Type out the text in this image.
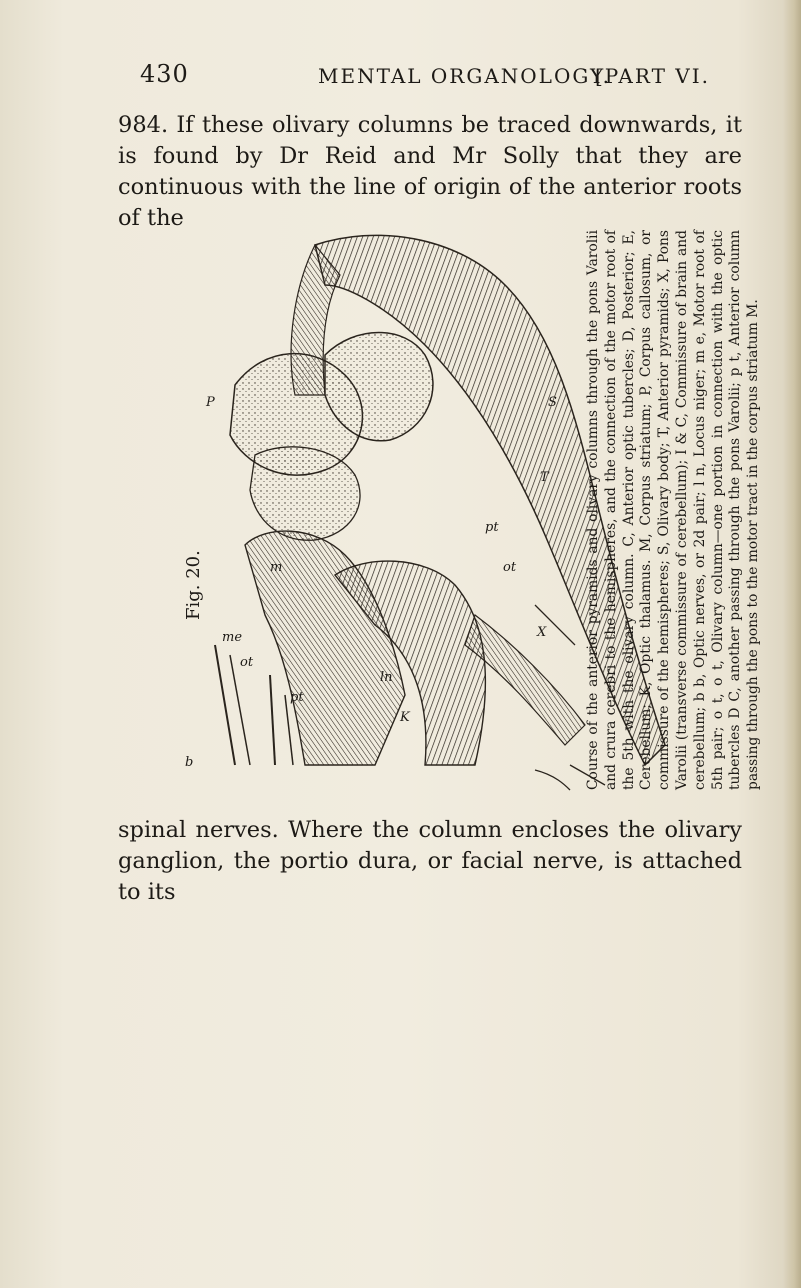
430	MENTAL ORGANOLOGY.
[PART VI.
984. If these olivary columns be traced downwards, it is found by Dr Reid and Mr Solly that they are continuous with the line of origin of the anterior roots of the
Fig. 20.
P
m
S
T
K
X
me
ot
pt
ln
ot
pt
b	Course of the anterior pyramids and olivary columns through the pons Varolii and crura cerebri to the hemispheres, and the connection of the motor root of the 5th with the olivary column. C, Anterior optic tubercles; D, Posterior; E, Cerebellum; K, Optic thalamus. M, Corpus striatum; P, Corpus callosum, or commissure of the hemispheres; S, Olivary body; T, Anterior pyramids; X, Pons Varolii (transverse commissure of cerebellum); I & C, Commissure of brain and cerebellum; b b, Optic nerves, or 2d pair; l n, Locus niger; m e, Motor root of 5th pair; o t, o t, Olivary column—one portion in connection with the optic tubercles D C, another passing through the pons Varolii; p t, Anterior column passing through the pons to the motor tract in the corpus striatum M.
spinal nerves. Where the column encloses the olivary ganglion, the portio dura, or facial nerve, is attached to its
